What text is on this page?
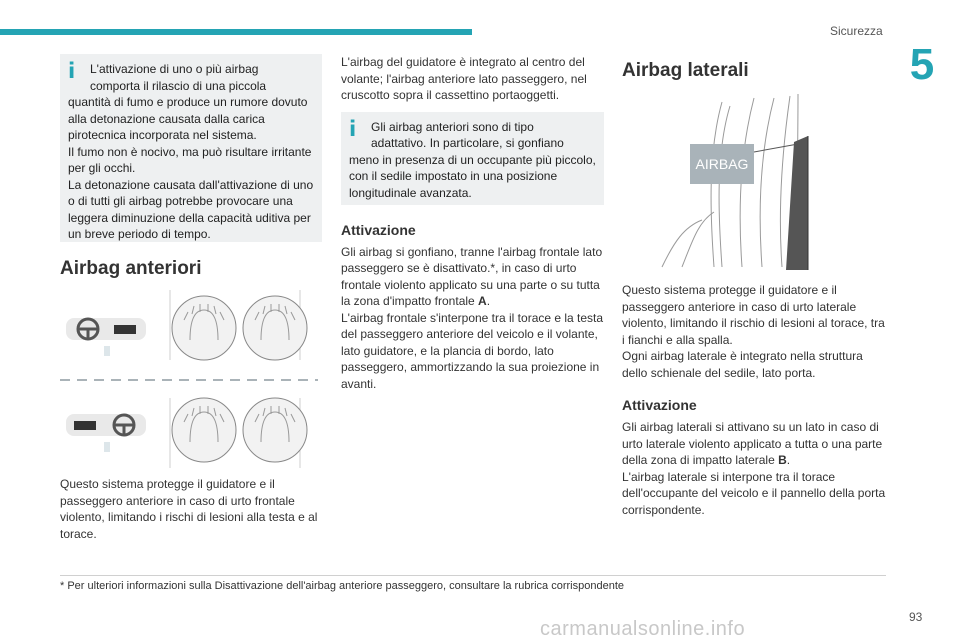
Sicurezza
5
i	L'attivazione di uno o più airbag
comporta il rilascio di una piccola

quantità di fumo e produce un rumore dovuto alla detonazione causata dalla carica pirotecnica incorporata nel sistema.
Il fumo non è nocivo, ma può risultare irritante per gli occhi.
La detonazione causata dall'attivazione di uno o di tutti gli airbag potrebbe provocare una leggera diminuzione della capacità uditiva per un breve periodo di tempo.

Airbag anteriori

Questo sistema protegge il guidatore e il passeggero anteriore in caso di urto frontale violento, limitando i rischi di lesioni alla testa e al torace.

L'airbag del guidatore è integrato al centro del volante; l'airbag anteriore lato passeggero, nel cruscotto sopra il cassettino portaoggetti.

i	Gli airbag anteriori sono di tipo
adattativo. In particolare, si gonfiano

meno in presenza di un occupante più piccolo, con il sedile impostato in una posizione longitudinale avanzata.

Attivazione

Gli airbag si gonfiano, tranne l'airbag frontale lato passeggero se è disattivato.*, in caso di urto frontale violento applicato su una parte o su tutta la zona d'impatto frontale A.
L'airbag frontale s'interpone tra il torace e la testa del passeggero anteriore del veicolo e il volante, lato guidatore, e la plancia di bordo, lato passeggero, ammortizzando la sua proiezione in avanti.

Airbag laterali
AIRBAG

Questo sistema protegge il guidatore e il passeggero anteriore in caso di urto laterale violento, limitando il rischio di lesioni al torace, tra i fianchi e alla spalla.
Ogni airbag laterale è integrato nella struttura dello schienale del sedile, lato porta.

Attivazione

Gli airbag laterali si attivano su un lato in caso di urto laterale violento applicato a tutta o una parte della zona di impatto laterale B.
L'airbag laterale si interpone tra il torace dell'occupante del veicolo e il pannello della porta corrispondente.

* Per ulteriori informazioni sulla Disattivazione dell'airbag anteriore passeggero, consultare la rubrica corrispondente
carmanualsonline.info
93
